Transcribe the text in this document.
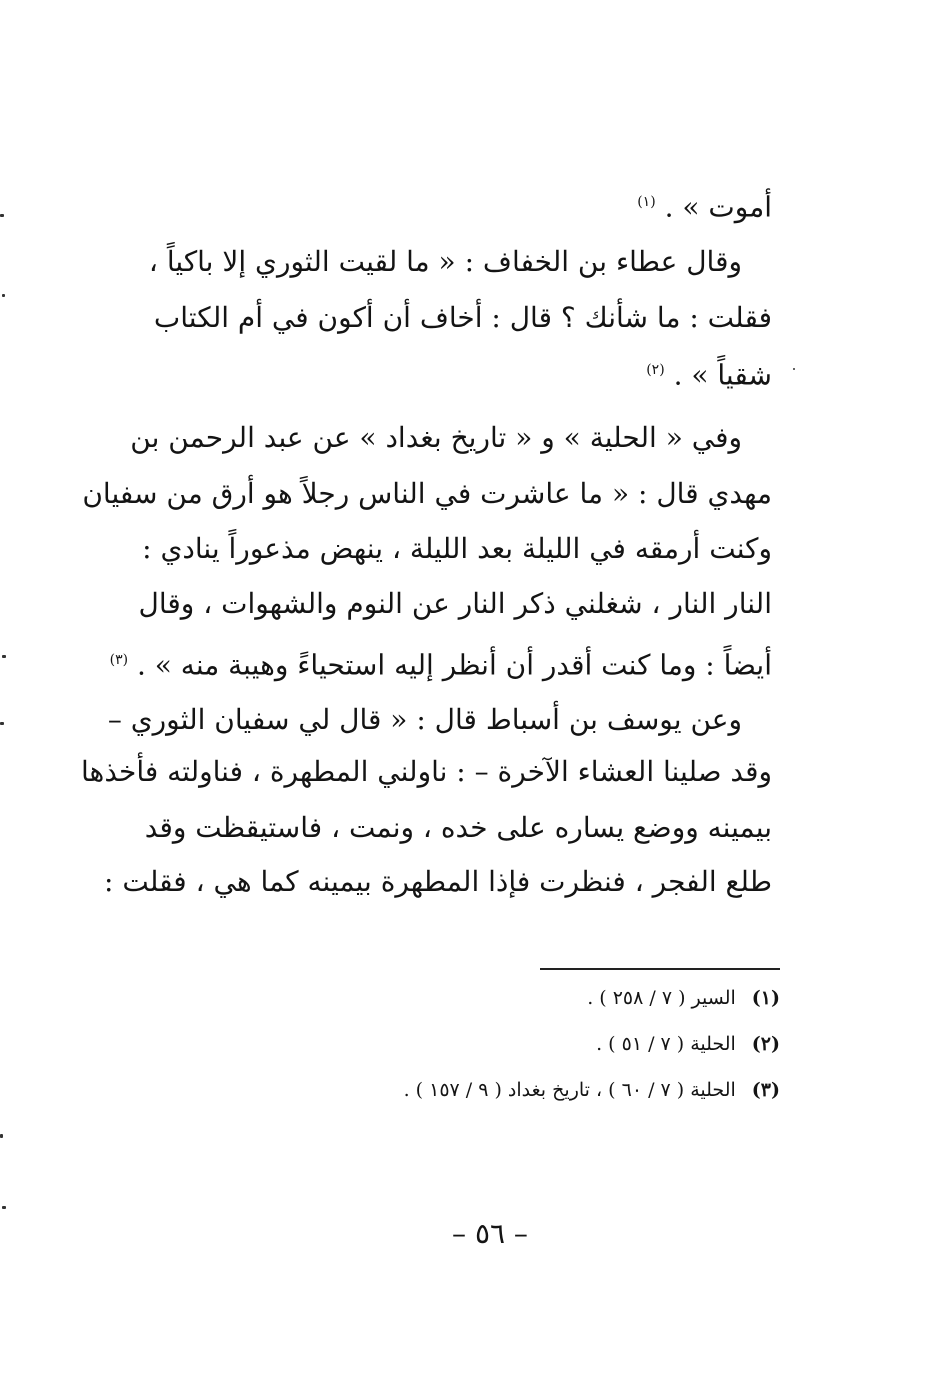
أموت » . $^{(١)}$

وقال عطاء بن الخفاف : « ما لقيت الثوري إلا باكياً ،

فقلت : ما شأنك ؟ قال : أخاف أن أكون في أم الكتاب

شقياً » . $^{(٢)}$

وفي « الحلية » و « تاريخ بغداد » عن عبد الرحمن بن

مهدي قال : « ما عاشرت في الناس رجلاً هو أرق من سفيان

وكنت أرمقه في الليلة بعد الليلة ، ينهض مذعوراً ينادي :

النار النار ، شغلني ذكر النار عن النوم والشهوات ، وقال

أيضاً : وما كنت أقدر أن أنظر إليه استحياءً وهيبة منه » . $^{(٣)}$

وعن يوسف بن أسباط قال : « قال لي سفيان الثوري –

وقد صلينا العشاء الآخرة – : ناولني المطهرة ، فناولته فأخذها

بيمينه ووضع يساره على خده ، ونمت ، فاستيقظت وقد

طلع الفجر ، فنظرت فإذا المطهرة بيمينه كما هي ، فقلت :

(١)السير ( ٧ / ٢٥٨ ) .

(٢)الحلية ( ٧ / ٥١ ) .

(٣)الحلية ( ٧ / ٦٠ ) ، تاريخ بغداد ( ٩ / ١٥٧ ) .

– ٥٦ –
